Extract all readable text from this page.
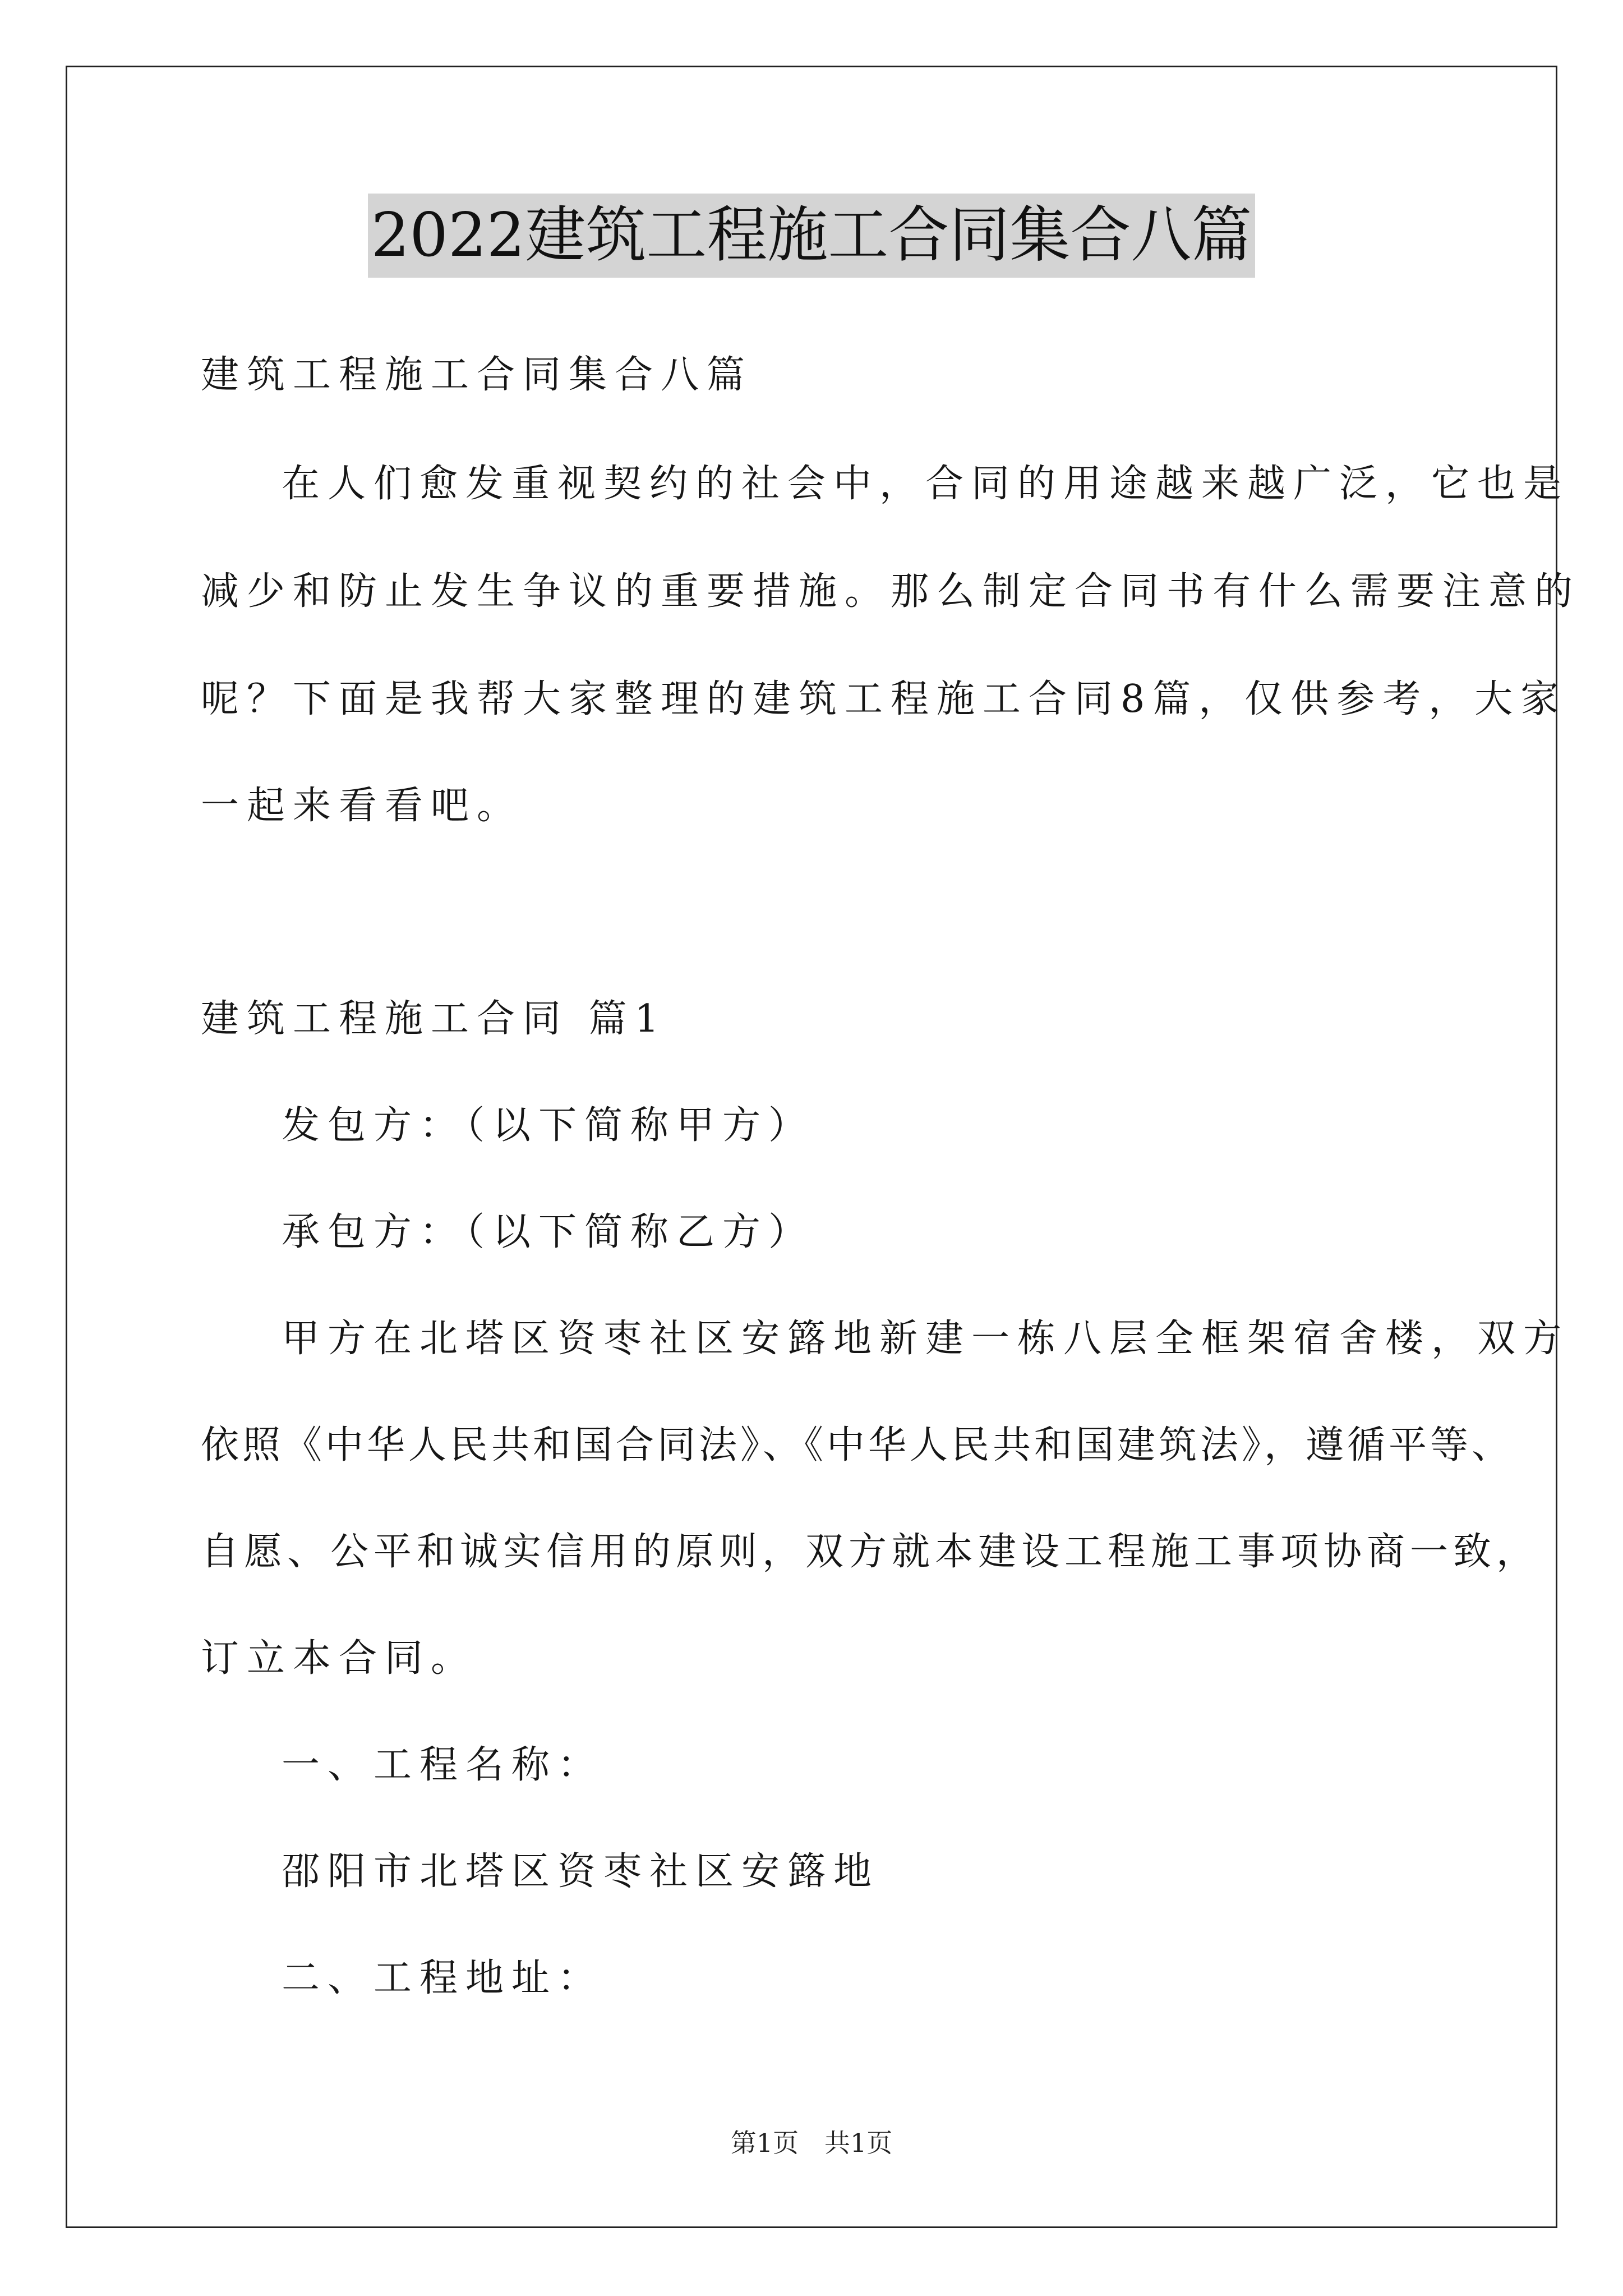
2022建筑工程施工合同集合八篇
建筑工程施工合同集合八篇
在人们愈发重视契约的社会中，合同的用途越来越广泛，它也是
减少和防止发生争议的重要措施。那么制定合同书有什么需要注意的
呢？下面是我帮大家整理的建筑工程施工合同8篇，仅供参考，大家
一起来看看吧。
建筑工程施工合同 篇1
发包方：（以下简称甲方）
承包方：（以下简称乙方）
甲方在北塔区资枣社区安簬地新建一栋八层全框架宿舍楼，双方
依照《中华人民共和国合同法》、《中华人民共和国建筑法》，遵循平等、
自愿、公平和诚实信用的原则，双方就本建设工程施工事项协商一致，
订立本合同。
一、工程名称：
邵阳市北塔区资枣社区安簬地
二、工程地址：
第1页　共1页
